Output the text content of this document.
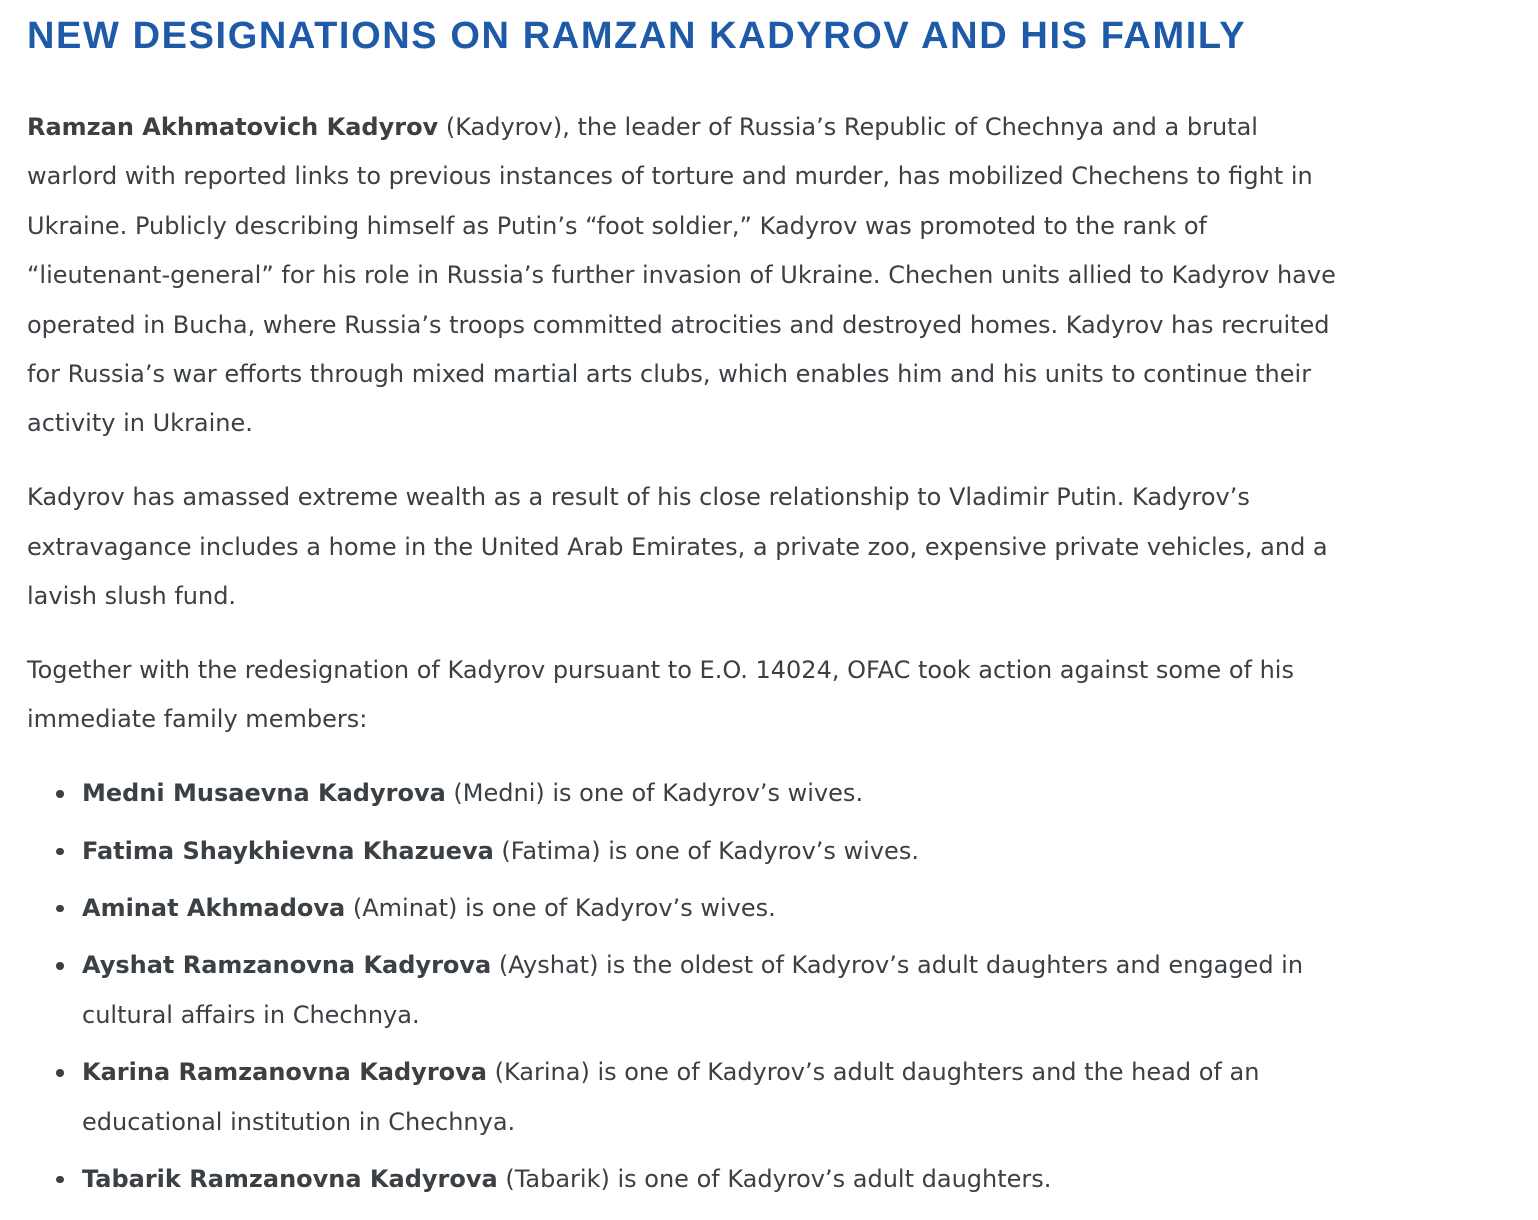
NEW DESIGNATIONS ON RAMZAN KADYROV AND HIS FAMILY

Ramzan Akhmatovich Kadyrov (Kadyrov), the leader of Russia’s Republic of Chechnya and a brutal
warlord with reported links to previous instances of torture and murder, has mobilized Chechens to fight in
Ukraine. Publicly describing himself as Putin’s “foot soldier,” Kadyrov was promoted to the rank of
“lieutenant-general” for his role in Russia’s further invasion of Ukraine. Chechen units allied to Kadyrov have
operated in Bucha, where Russia’s troops committed atrocities and destroyed homes. Kadyrov has recruited
for Russia’s war efforts through mixed martial arts clubs, which enables him and his units to continue their
activity in Ukraine.

Kadyrov has amassed extreme wealth as a result of his close relationship to Vladimir Putin. Kadyrov’s
extravagance includes a home in the United Arab Emirates, a private zoo, expensive private vehicles, and a
lavish slush fund.

Together with the redesignation of Kadyrov pursuant to E.O. 14024, OFAC took action against some of his
immediate family members:

Medni Musaevna Kadyrova (Medni) is one of Kadyrov’s wives.
Fatima Shaykhievna Khazueva (Fatima) is one of Kadyrov’s wives.
Aminat Akhmadova (Aminat) is one of Kadyrov’s wives.
Ayshat Ramzanovna Kadyrova (Ayshat) is the oldest of Kadyrov’s adult daughters and engaged in
cultural affairs in Chechnya.
Karina Ramzanovna Kadyrova (Karina) is one of Kadyrov’s adult daughters and the head of an
educational institution in Chechnya.
Tabarik Ramzanovna Kadyrova (Tabarik) is one of Kadyrov’s adult daughters.
